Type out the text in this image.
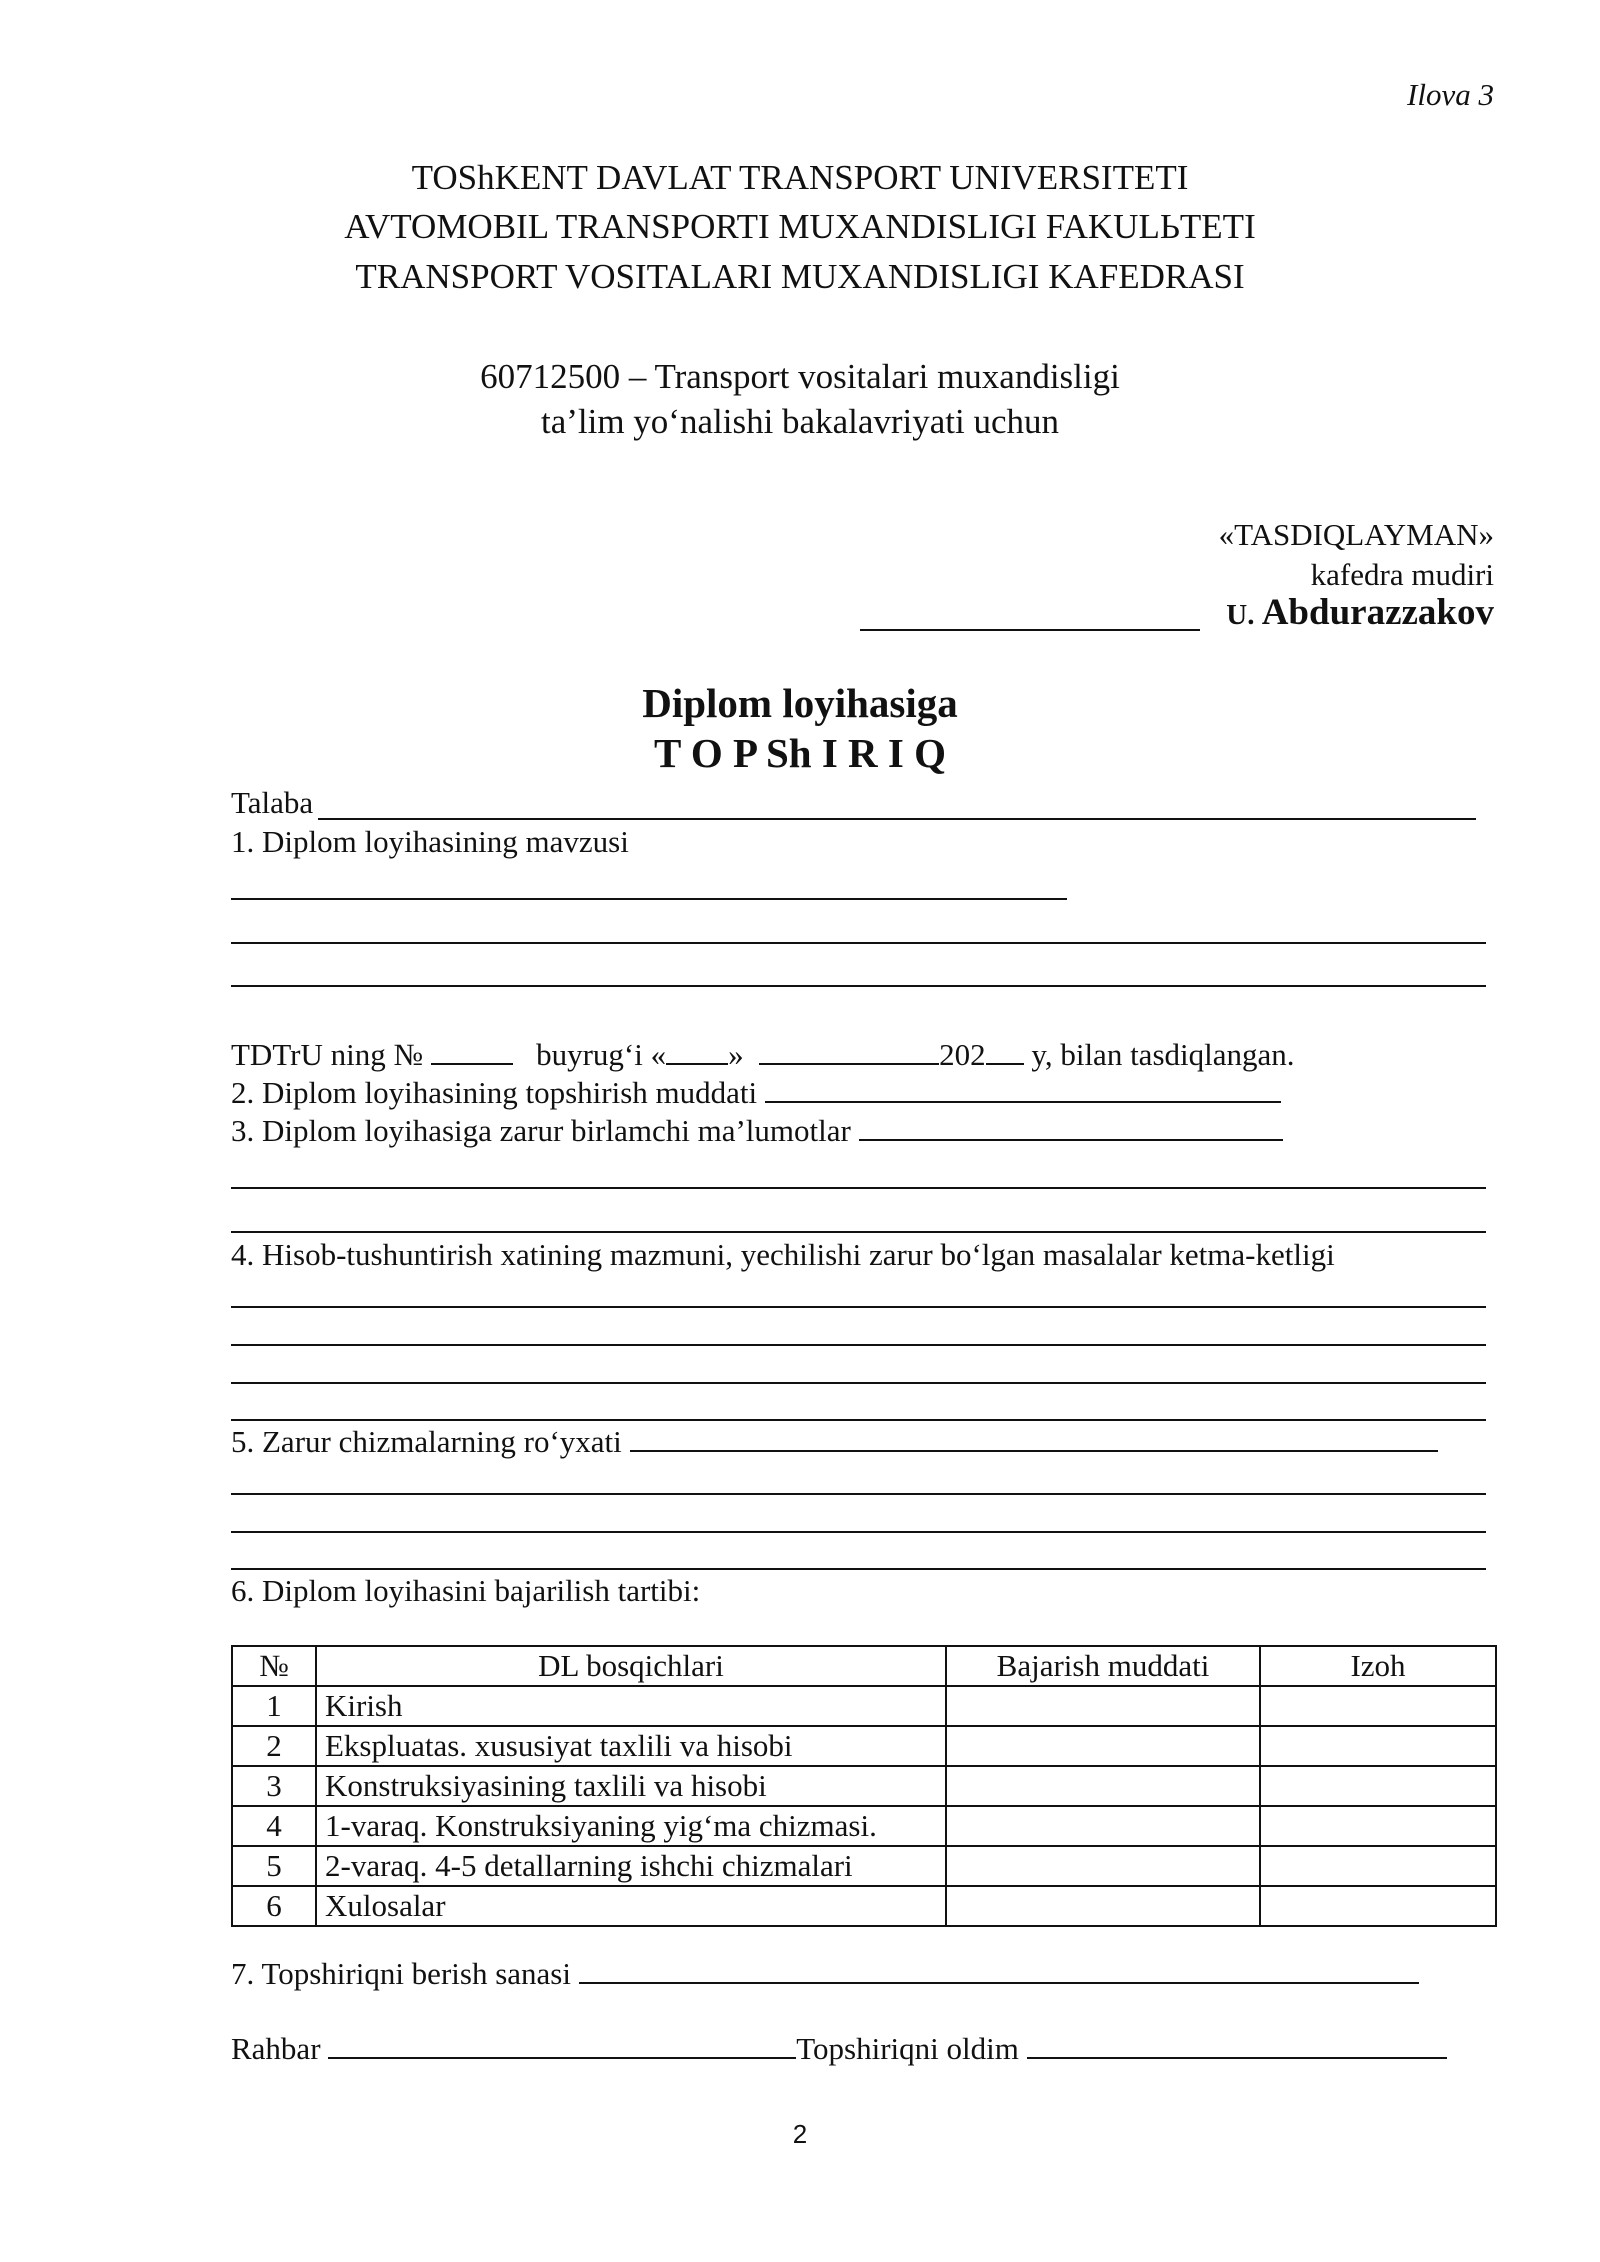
Ilova 3
TOShKENT DAVLAT TRANSPORT UNIVERSITETI
AVTOMOBIL TRANSPORTI MUXANDISLIGI FAKULЬTETI
TRANSPORT VOSITALARI MUXANDISLIGI KAFEDRASI
60712500 – Transport vositalari muxandisligi
ta’lim yo‘nalishi bakalavriyati uchun
«TASDIQLAYMAN»
kafedra mudiri
U. Abdurazzakov
Diplom loyihasiga
T O P Sh I R I Q
Talaba
1. Diplom loyihasining mavzusi
TDTrU ning №	buyrug‘i « »	202 y, bilan tasdiqlangan.
2. Diplom loyihasining topshirish muddati
3. Diplom loyihasiga zarur birlamchi ma’lumotlar
4. Hisob-tushuntirish xatining mazmuni, yechilishi zarur bo‘lgan masalalar ketma-ketligi
5. Zarur chizmalarning ro‘yxati
6. Diplom loyihasini bajarilish tartibi:
№	DL bosqichlari	Bajarish muddati	Izoh
1	Kirish		
2	Ekspluatas. xususiyat taxlili va hisobi		
3	Konstruksiyasining taxlili va hisobi		
4	1-varaq. Konstruksiyaning yig‘ma chizmasi.		
5	2-varaq. 4-5 detallarning ishchi chizmalari		
6	Xulosalar		
7. Topshiriqni berish sanasi
Rahbar	Topshiriqni oldim
2
